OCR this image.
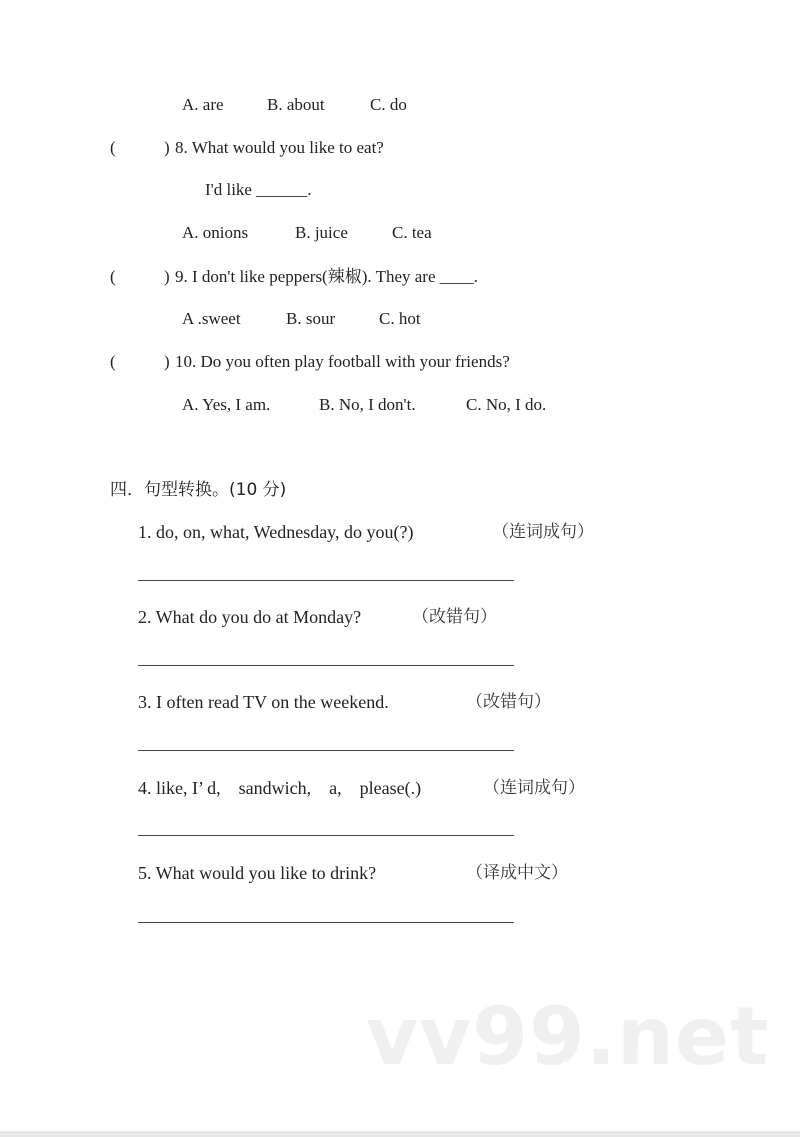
A. are	B. about	C. do
(	) 8. What would you like to eat?
I'd like ______.
A. onions	B. juice	C. tea
(	) 9. I don't like peppers(辣椒). They are ____.
A .sweet	B. sour	C. hot
(	) 10. Do you often play football with your friends?
A. Yes, I am.	B. No, I don't.	C. No, I do.
四．句型转换。(10 分)
1. do, on, what, Wednesday, do you(?)	（连词成句）
2. What do you do at Monday?	（改错句）
3. I often read TV on the weekend.	（改错句）
4. like, I’ d,    sandwich,    a,    please(.)	（连词成句）
5. What would you like to drink?	（译成中文）
vv99.net
